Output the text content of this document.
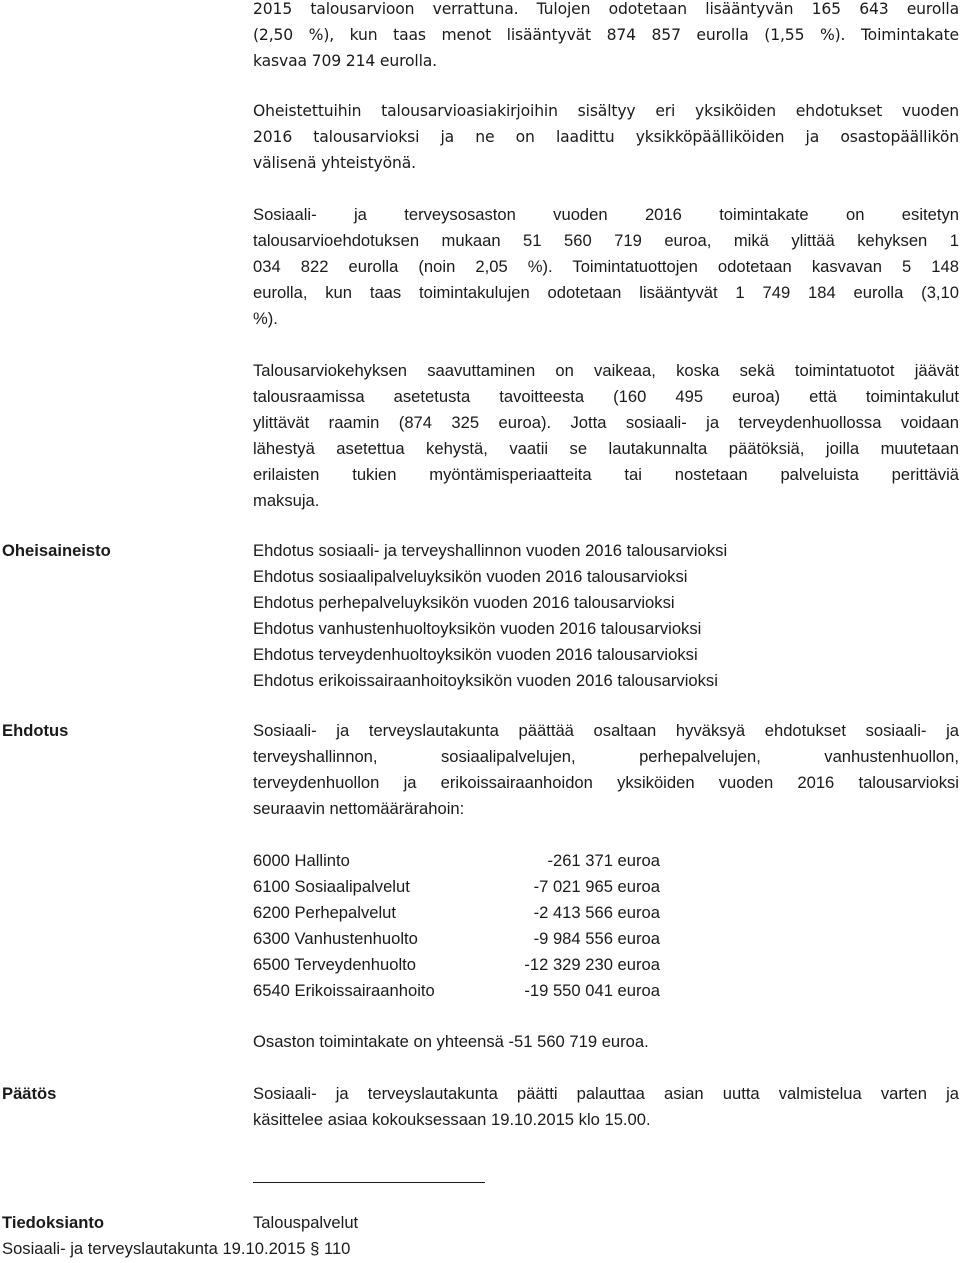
2015 talousarvioon verrattuna. Tulojen odotetaan lisääntyvän 165 643 eurolla
(2,50 %), kun taas menot lisääntyvät 874 857 eurolla (1,55 %). Toimintakate
kasvaa 709 214 eurolla.
Oheistettuihin talousarvioasiakirjoihin sisältyy eri yksiköiden ehdotukset vuoden
2016 talousarvioksi ja ne on laadittu yksikköpäälliköiden ja osastopäällikön
välisenä yhteistyönä.
Sosiaali- ja terveysosaston vuoden 2016 toimintakate on esitetyn
talousarvioehdotuksen mukaan 51 560 719 euroa, mikä ylittää kehyksen 1
034 822 eurolla (noin 2,05 %). Toimintatuottojen odotetaan kasvavan 5 148
eurolla, kun taas toimintakulujen odotetaan lisääntyvät 1 749 184 eurolla (3,10
%).
Talousarviokehyksen saavuttaminen on vaikeaa, koska sekä toimintatuotot jäävät
talousraamissa asetetusta tavoitteesta (160 495 euroa) että toimintakulut
ylittävät raamin (874 325 euroa). Jotta sosiaali- ja terveydenhuollossa voidaan
lähestyä asetettua kehystä, vaatii se lautakunnalta päätöksiä, joilla muutetaan
erilaisten tukien myöntämisperiaatteita tai nostetaan palveluista perittäviä
maksuja.

Oheisaineisto	Ehdotus sosiaali- ja terveyshallinnon vuoden 2016 talousarvioksi
Ehdotus sosiaalipalveluyksikön vuoden 2016 talousarvioksi
Ehdotus perhepalveluyksikön vuoden 2016 talousarvioksi
Ehdotus vanhustenhuoltoyksikön vuoden 2016 talousarvioksi
Ehdotus terveydenhuoltoyksikön vuoden 2016 talousarvioksi
Ehdotus erikoissairaanhoitoyksikön vuoden 2016 talousarvioksi

Ehdotus	Sosiaali- ja terveyslautakunta päättää osaltaan hyväksyä ehdotukset sosiaali- ja
terveyshallinnon, sosiaalipalvelujen, perhepalvelujen, vanhustenhuollon,
terveydenhuollon ja erikoissairaanhoidon yksiköiden vuoden 2016 talousarvioksi
seuraavin nettomäärärahoin:
6000 Hallinto	-261 371 euroa
6100 Sosiaalipalvelut	-7 021 965 euroa
6200 Perhepalvelut	-2 413 566 euroa
6300 Vanhustenhuolto	-9 984 556 euroa
6500 Terveydenhuolto	-12 329 230 euroa
6540 Erikoissairaanhoito	-19 550 041 euroa

Osaston toimintakate on yhteensä -51 560 719 euroa.

Päätös	Sosiaali- ja terveyslautakunta päätti palauttaa asian uutta valmistelua varten ja
käsittelee asiaa kokouksessaan 19.10.2015 klo 15.00.

Tiedoksianto	Talouspalvelut

Sosiaali- ja terveyslautakunta 19.10.2015 § 110
